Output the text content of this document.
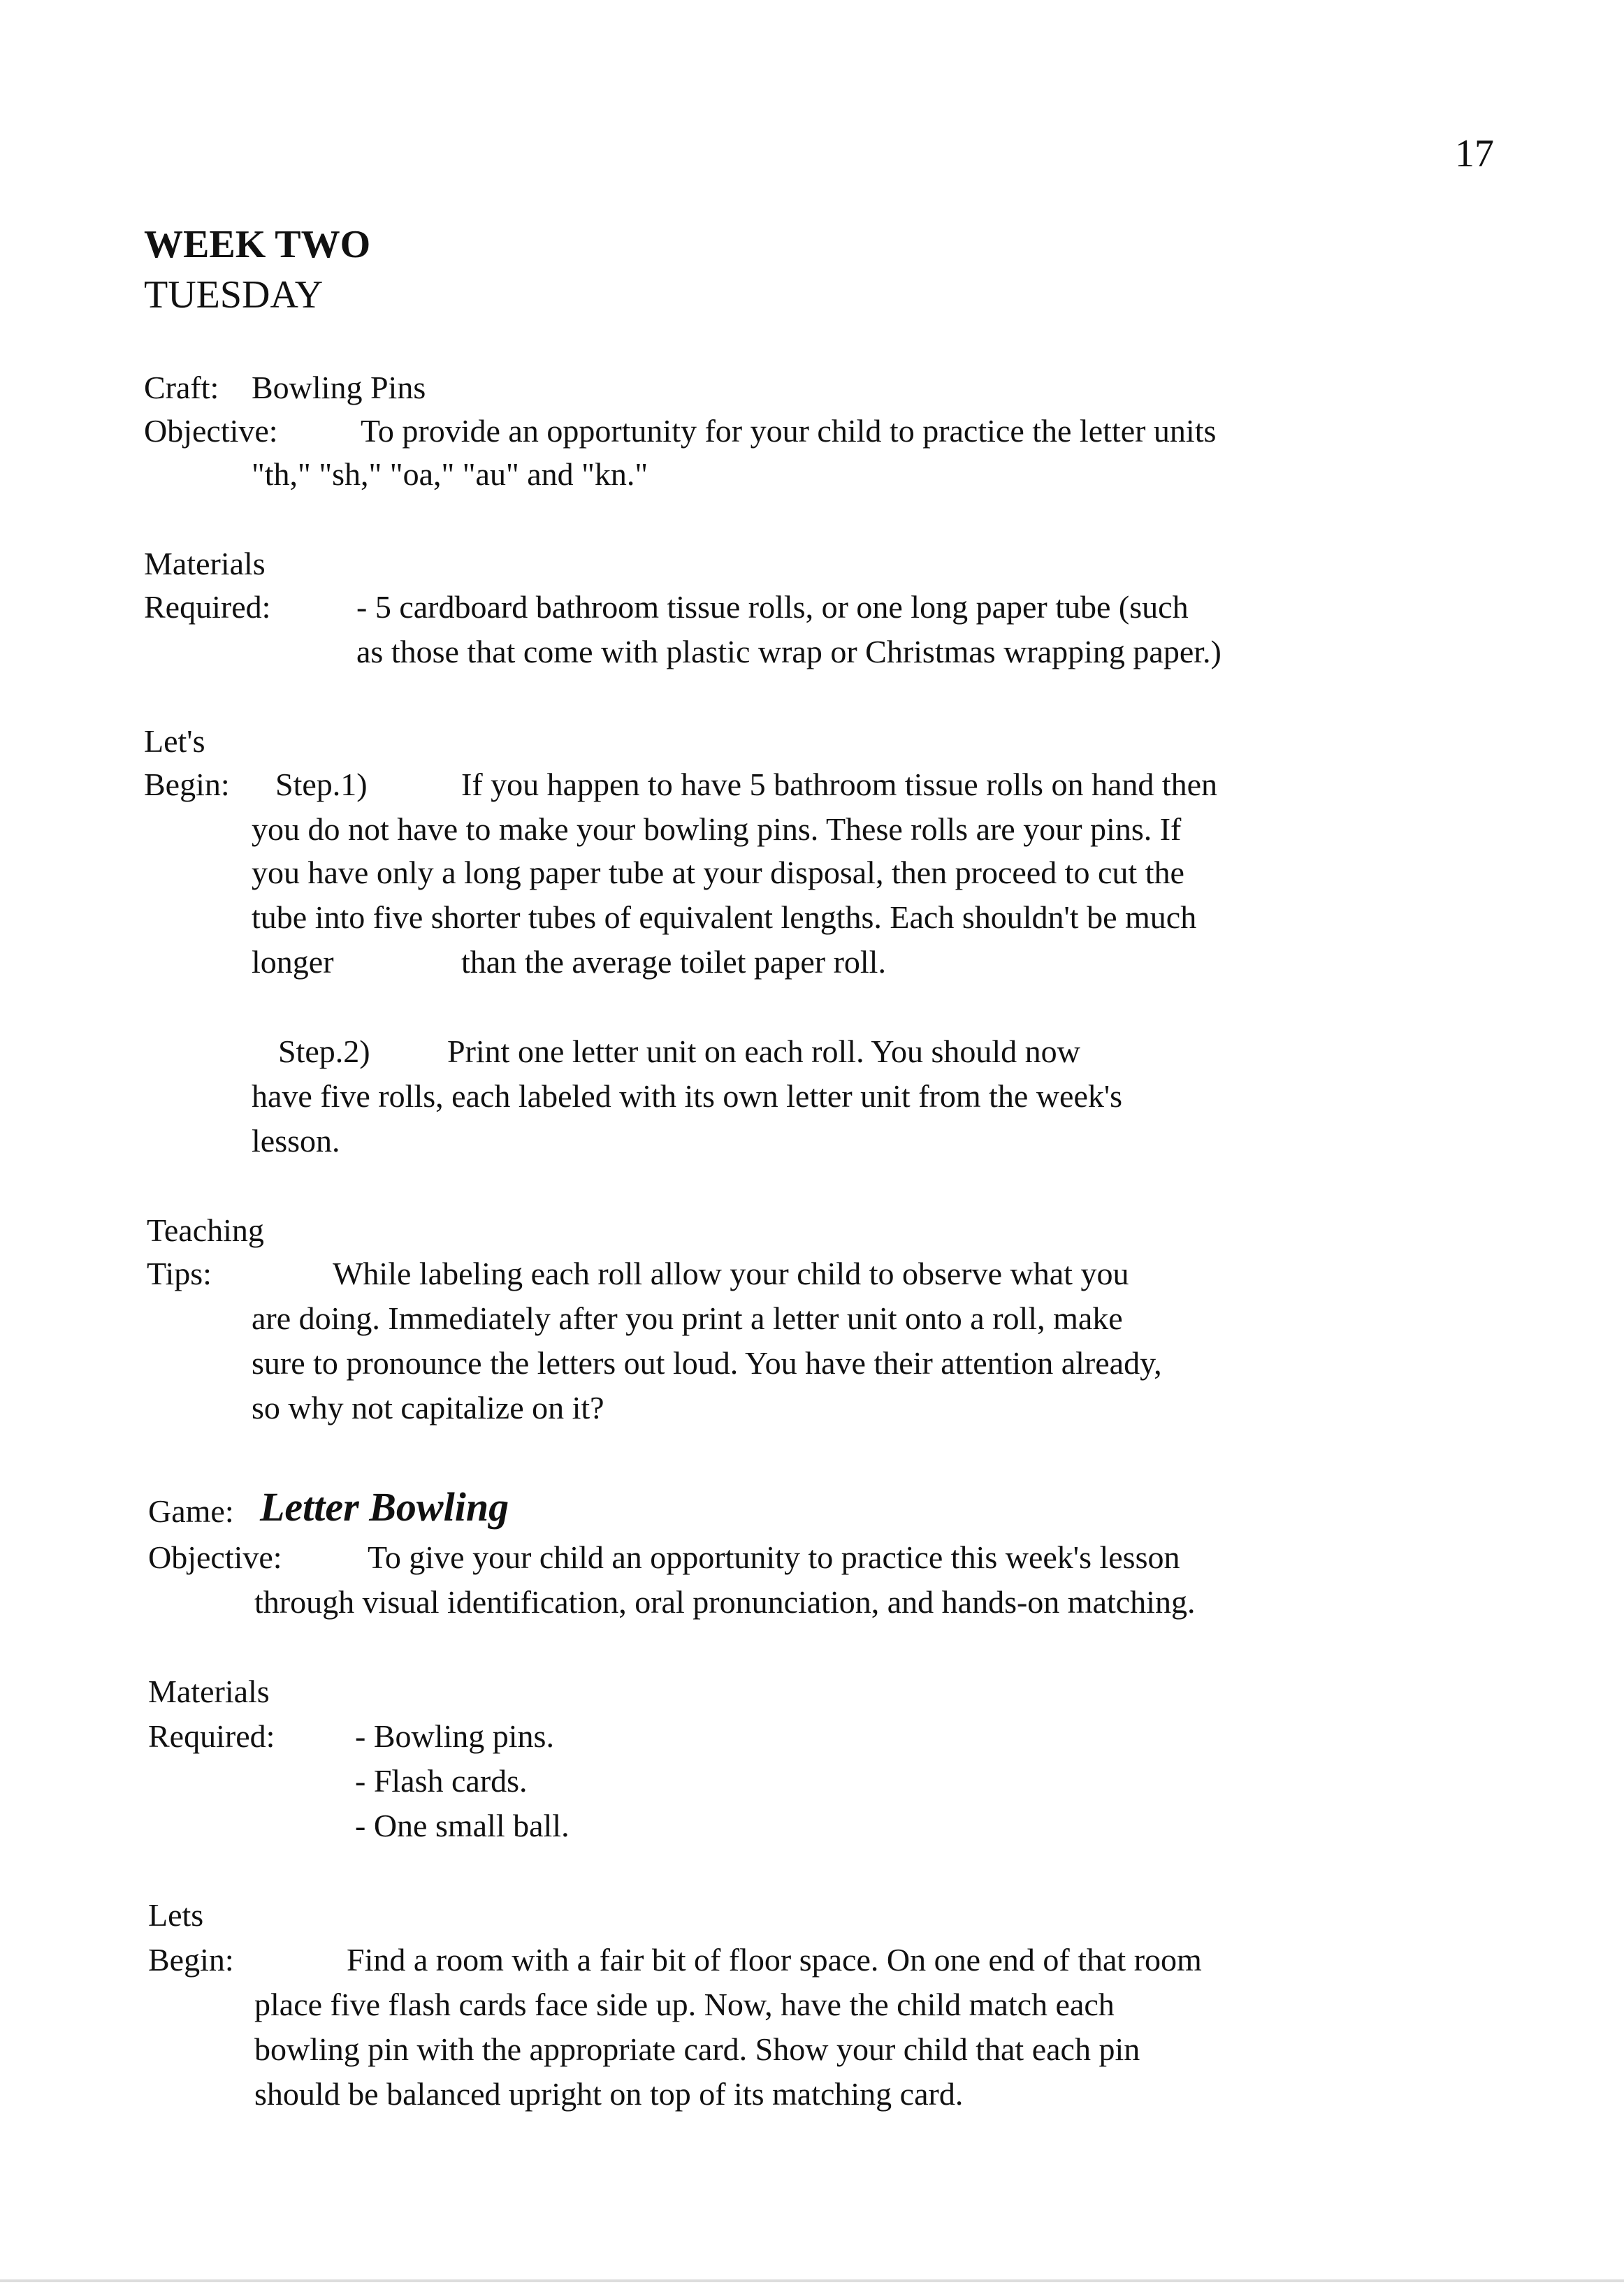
17
WEEK TWO
TUESDAY
Craft: Bowling Pins
Objective:	To provide an opportunity for your child to practice the letter units
"th," "sh," "oa," "au" and "kn."
Materials
Required:	- 5 cardboard bathroom tissue rolls, or one long paper tube (such
as those that come with plastic wrap or Christmas wrapping paper.)
Let's
Begin: Step.1)	If you happen to have 5 bathroom tissue rolls on hand then
you do not have to make your bowling pins. These rolls are your pins. If
you have only a long paper tube at your disposal, then proceed to cut the
tube into five shorter tubes of equivalent lengths. Each shouldn't be much
longer	than the average toilet paper roll.
Step.2) Print one letter unit on each roll. You should now
have five rolls, each labeled with its own letter unit from the week's
lesson.
Teaching
Tips:	While labeling each roll allow your child to observe what you
are doing. Immediately after you print a letter unit onto a roll, make
sure to pronounce the letters out loud. You have their attention already,
so why not capitalize on it?
Game: Letter Bowling
Objective:	To give your child an opportunity to practice this week's lesson
through visual identification, oral pronunciation, and hands-on matching.
Materials
Required: - Bowling pins.
- Flash cards.
- One small ball.
Lets
Begin:	Find a room with a fair bit of floor space. On one end of that room
place five flash cards face side up. Now, have the child match each
bowling pin with the appropriate card. Show your child that each pin
should be balanced upright on top of its matching card.
